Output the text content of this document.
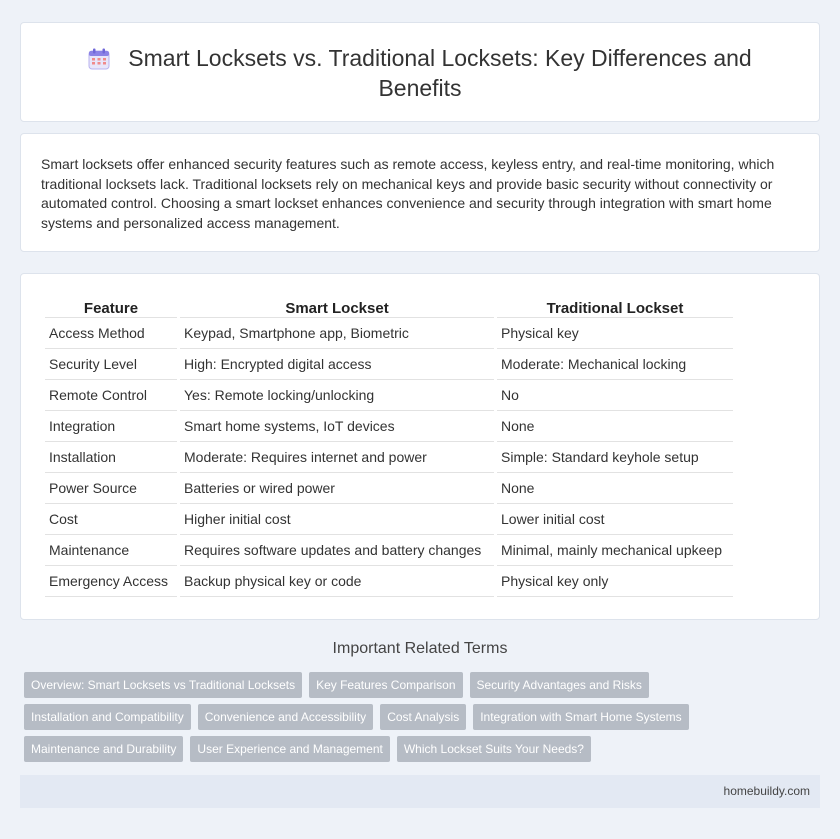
Smart Locksets vs. Traditional Locksets: Key Differences and Benefits

Smart locksets offer enhanced security features such as remote access, keyless entry, and real-time monitoring, which traditional locksets lack. Traditional locksets rely on mechanical keys and provide basic security without connectivity or automated control. Choosing a smart lockset enhances convenience and security through integration with smart home systems and personalized access management.

Feature	Smart Lockset	Traditional Lockset
Access Method	Keypad, Smartphone app, Biometric	Physical key
Security Level	High: Encrypted digital access	Moderate: Mechanical locking
Remote Control	Yes: Remote locking/unlocking	No
Integration	Smart home systems, IoT devices	None
Installation	Moderate: Requires internet and power	Simple: Standard keyhole setup
Power Source	Batteries or wired power	None
Cost	Higher initial cost	Lower initial cost
Maintenance	Requires software updates and battery changes	Minimal, mainly mechanical upkeep
Emergency Access	Backup physical key or code	Physical key only
Important Related Terms
Overview: Smart Locksets vs Traditional Locksets	Key Features Comparison	Security Advantages and Risks
Installation and Compatibility	Convenience and Accessibility	Cost Analysis	Integration with Smart Home Systems
Maintenance and Durability	User Experience and Management	Which Lockset Suits Your Needs?
homebuildy.com
